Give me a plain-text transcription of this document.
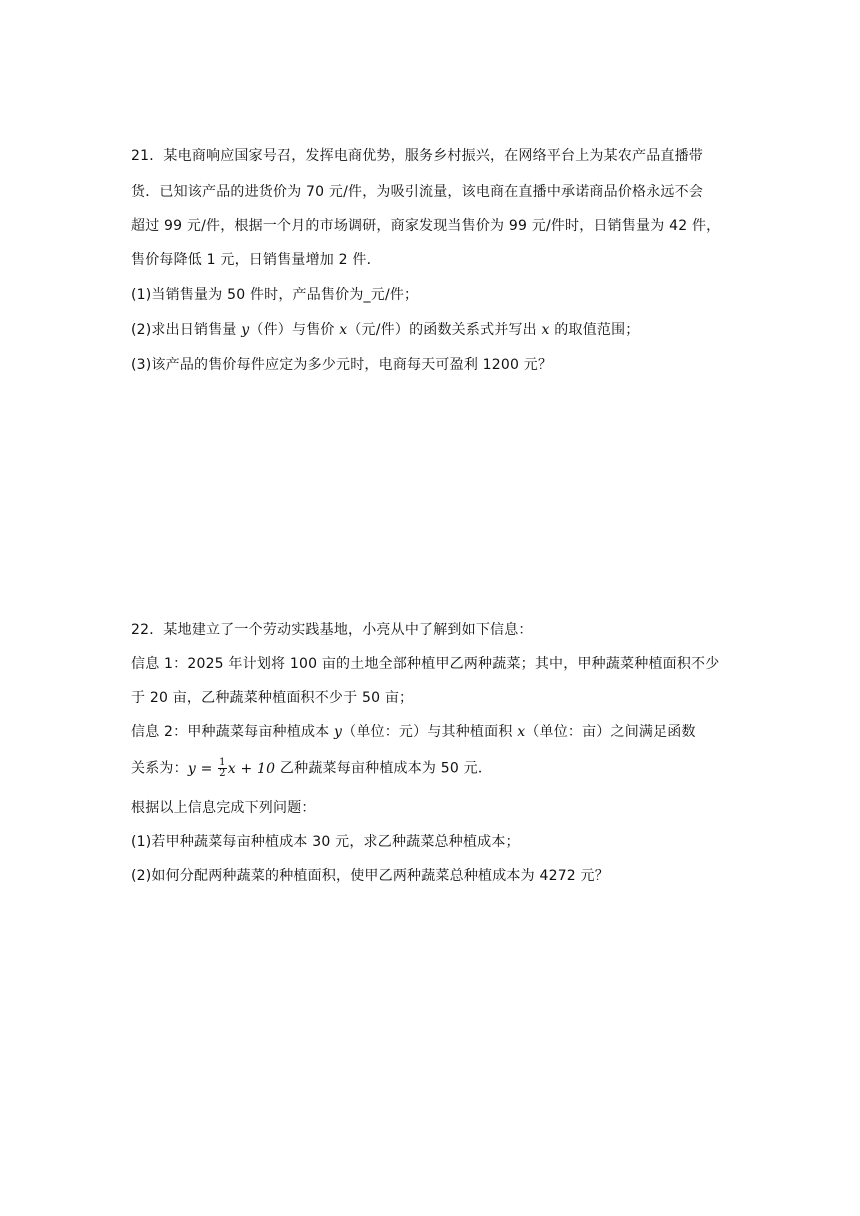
21．某电商响应国家号召，发挥电商优势，服务乡村振兴，在网络平台上为某农产品直播带
货．已知该产品的进货价为 70 元/件，为吸引流量，该电商在直播中承诺商品价格永远不会
超过 99 元/件，根据一个月的市场调研，商家发现当售价为 99 元/件时，日销售量为 42 件，
售价每降低 1 元，日销售量增加 2 件．
(1)当销售量为 50 件时，产品售价为_元/件；
(2)求出日销售量 y（件）与售价 x（元/件）的函数关系式并写出 x 的取值范围；
(3)该产品的售价每件应定为多少元时，电商每天可盈利 1200 元？
22．某地建立了一个劳动实践基地，小亮从中了解到如下信息：
信息 1：2025 年计划将 100 亩的土地全部种植甲乙两种蔬菜；其中，甲种蔬菜种植面积不少
于 20 亩，乙种蔬菜种植面积不少于 50 亩；
信息 2：甲种蔬菜每亩种植成本 y（单位：元）与其种植面积 x（单位：亩）之间满足函数
关系为：$y = \frac{1}{2}$ x + 10 乙种蔬菜每亩种植成本为 50 元．
根据以上信息完成下列问题：
(1)若甲种蔬菜每亩种植成本 30 元，求乙种蔬菜总种植成本；
(2)如何分配两种蔬菜的种植面积，使甲乙两种蔬菜总种植成本为 4272 元？
